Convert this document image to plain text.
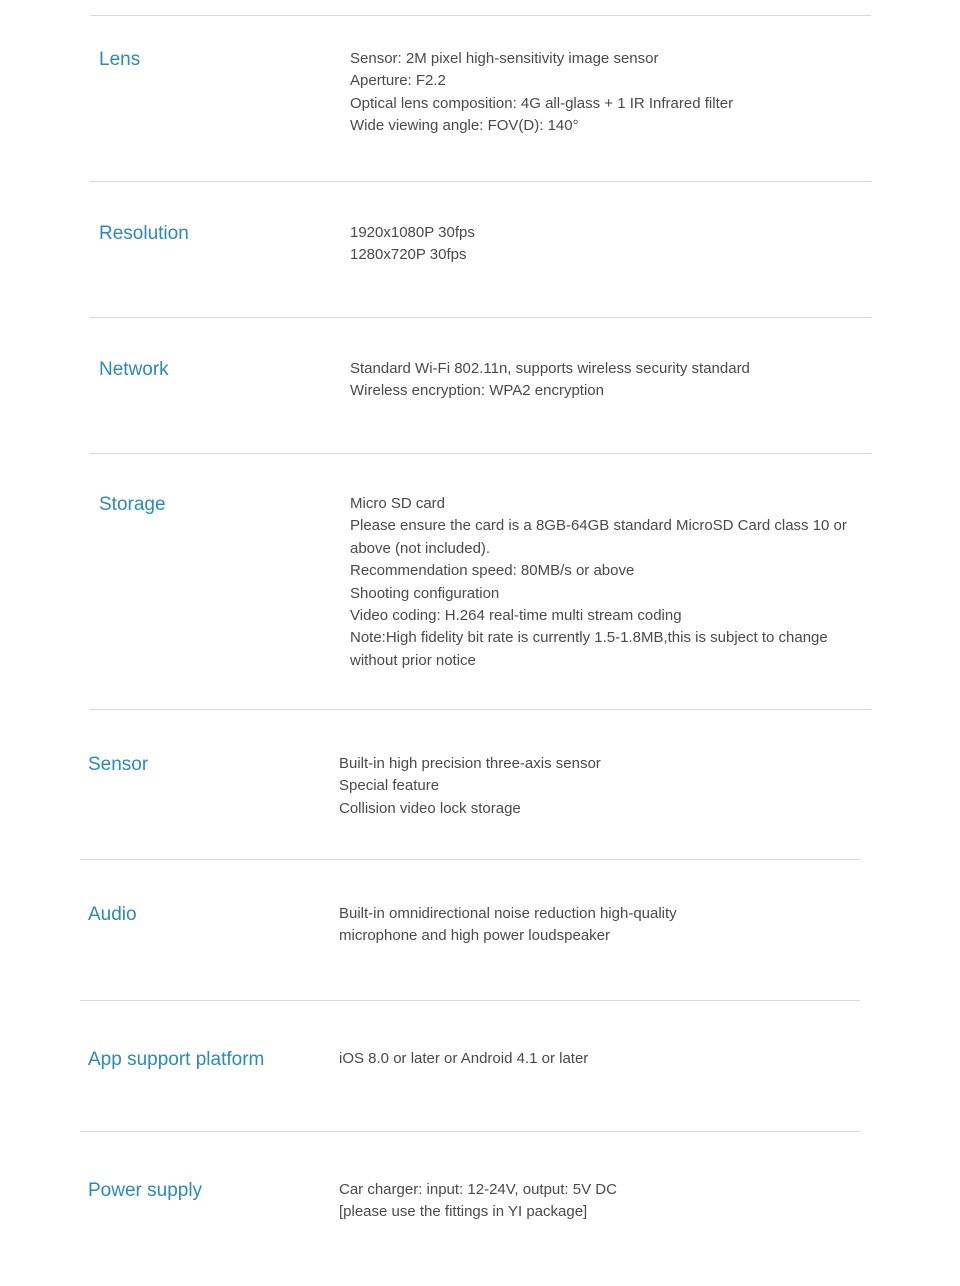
Lens	Sensor: 2M pixel high-sensitivity image sensor
Aperture: F2.2
Optical lens composition: 4G all-glass + 1 IR Infrared filter
Wide viewing angle: FOV(D): 140°
Resolution	1920x1080P 30fps
1280x720P 30fps
Network	Standard Wi-Fi 802.11n, supports wireless security standard
Wireless encryption: WPA2 encryption
Storage	Micro SD card
Please ensure the card is a 8GB-64GB standard MicroSD Card class 10 or
above (not included).
Recommendation speed: 80MB/s or above
Shooting configuration
Video coding: H.264 real-time multi stream coding
Note:High fidelity bit rate is currently 1.5-1.8MB,this is subject to change
without prior notice
Sensor	Built-in high precision three-axis sensor
Special feature
Collision video lock storage
Audio	Built-in omnidirectional noise reduction high-quality
microphone and high power loudspeaker
App support platform	iOS 8.0 or later or Android 4.1 or later
Power supply	Car charger: input: 12-24V, output: 5V DC
[please use the fittings in YI package]
